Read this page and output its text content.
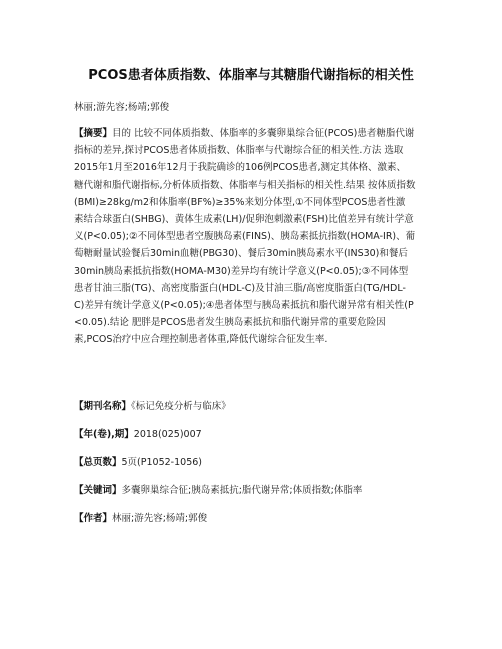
PCOS患者体质指数、体脂率与其糖脂代谢指标的相关性
林丽;游先容;杨靖;郭俊
【摘要】目的 比较不同体质指数、体脂率的多囊卵巢综合征(PCOS)患者糖脂代谢
指标的差异,探讨PCOS患者体质指数、体脂率与代谢综合征的相关性.方法 选取
2015年1月至2016年12月于我院确诊的106例PCOS患者,测定其体格、激素、
糖代谢和脂代谢指标,分析体质指数、体脂率与相关指标的相关性.结果 按体质指数
(BMI)≥28kg/m2和体脂率(BF%)≥35%来划分体型,①不同体型PCOS患者性激
素结合球蛋白(SHBG)、黄体生成素(LH)/促卵泡刺激素(FSH)比值差异有统计学意
义(P<0.05);②不同体型患者空腹胰岛素(FINS)、胰岛素抵抗指数(HOMA-IR)、葡
萄糖耐量试验餐后30min血糖(PBG30)、餐后30min胰岛素水平(INS30)和餐后
30min胰岛素抵抗指数(HOMA-M30)差异均有统计学意义(P<0.05);③不同体型
患者甘油三脂(TG)、高密度脂蛋白(HDL-C)及甘油三脂/高密度脂蛋白(TG/HDL-
C)差异有统计学意义(P<0.05);④患者体型与胰岛素抵抗和脂代谢异常有相关性(P
<0.05).结论 肥胖是PCOS患者发生胰岛素抵抗和脂代谢异常的重要危险因
素,PCOS治疗中应合理控制患者体重,降低代谢综合征发生率.
【期刊名称】《标记免疫分析与临床》
【年(卷),期】2018(025)007
【总页数】5页(P1052-1056)
【关键词】多囊卵巢综合征;胰岛素抵抗;脂代谢异常;体质指数;体脂率
【作者】林丽;游先容;杨靖;郭俊
